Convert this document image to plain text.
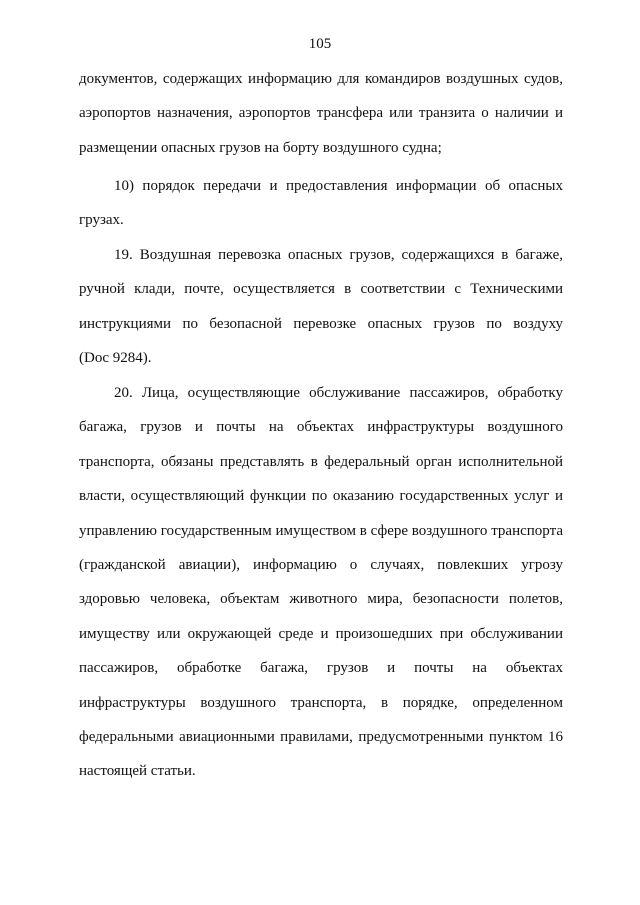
105
документов, содержащих информацию для командиров воздушных судов,
аэропортов назначения, аэропортов трансфера или транзита о наличии и
размещении опасных грузов на борту воздушного судна;
10) порядок передачи и предоставления информации об опасных
грузах.
19. Воздушная перевозка опасных грузов, содержащихся в багаже,
ручной клади, почте, осуществляется в соответствии с Техническими
инструкциями по безопасной перевозке опасных грузов по воздуху
(Doc 9284).
20. Лица, осуществляющие обслуживание пассажиров, обработку
багажа, грузов и почты на объектах инфраструктуры воздушного
транспорта, обязаны представлять в федеральный орган исполнительной
власти, осуществляющий функции по оказанию государственных услуг и
управлению государственным имуществом в сфере воздушного транспорта
(гражданской авиации), информацию о случаях, повлекших угрозу
здоровью человека, объектам животного мира, безопасности полетов,
имуществу или окружающей среде и произошедших при обслуживании
пассажиров, обработке багажа, грузов и почты на объектах
инфраструктуры воздушного транспорта, в порядке, определенном
федеральными авиационными правилами, предусмотренными пунктом 16
настоящей статьи.
